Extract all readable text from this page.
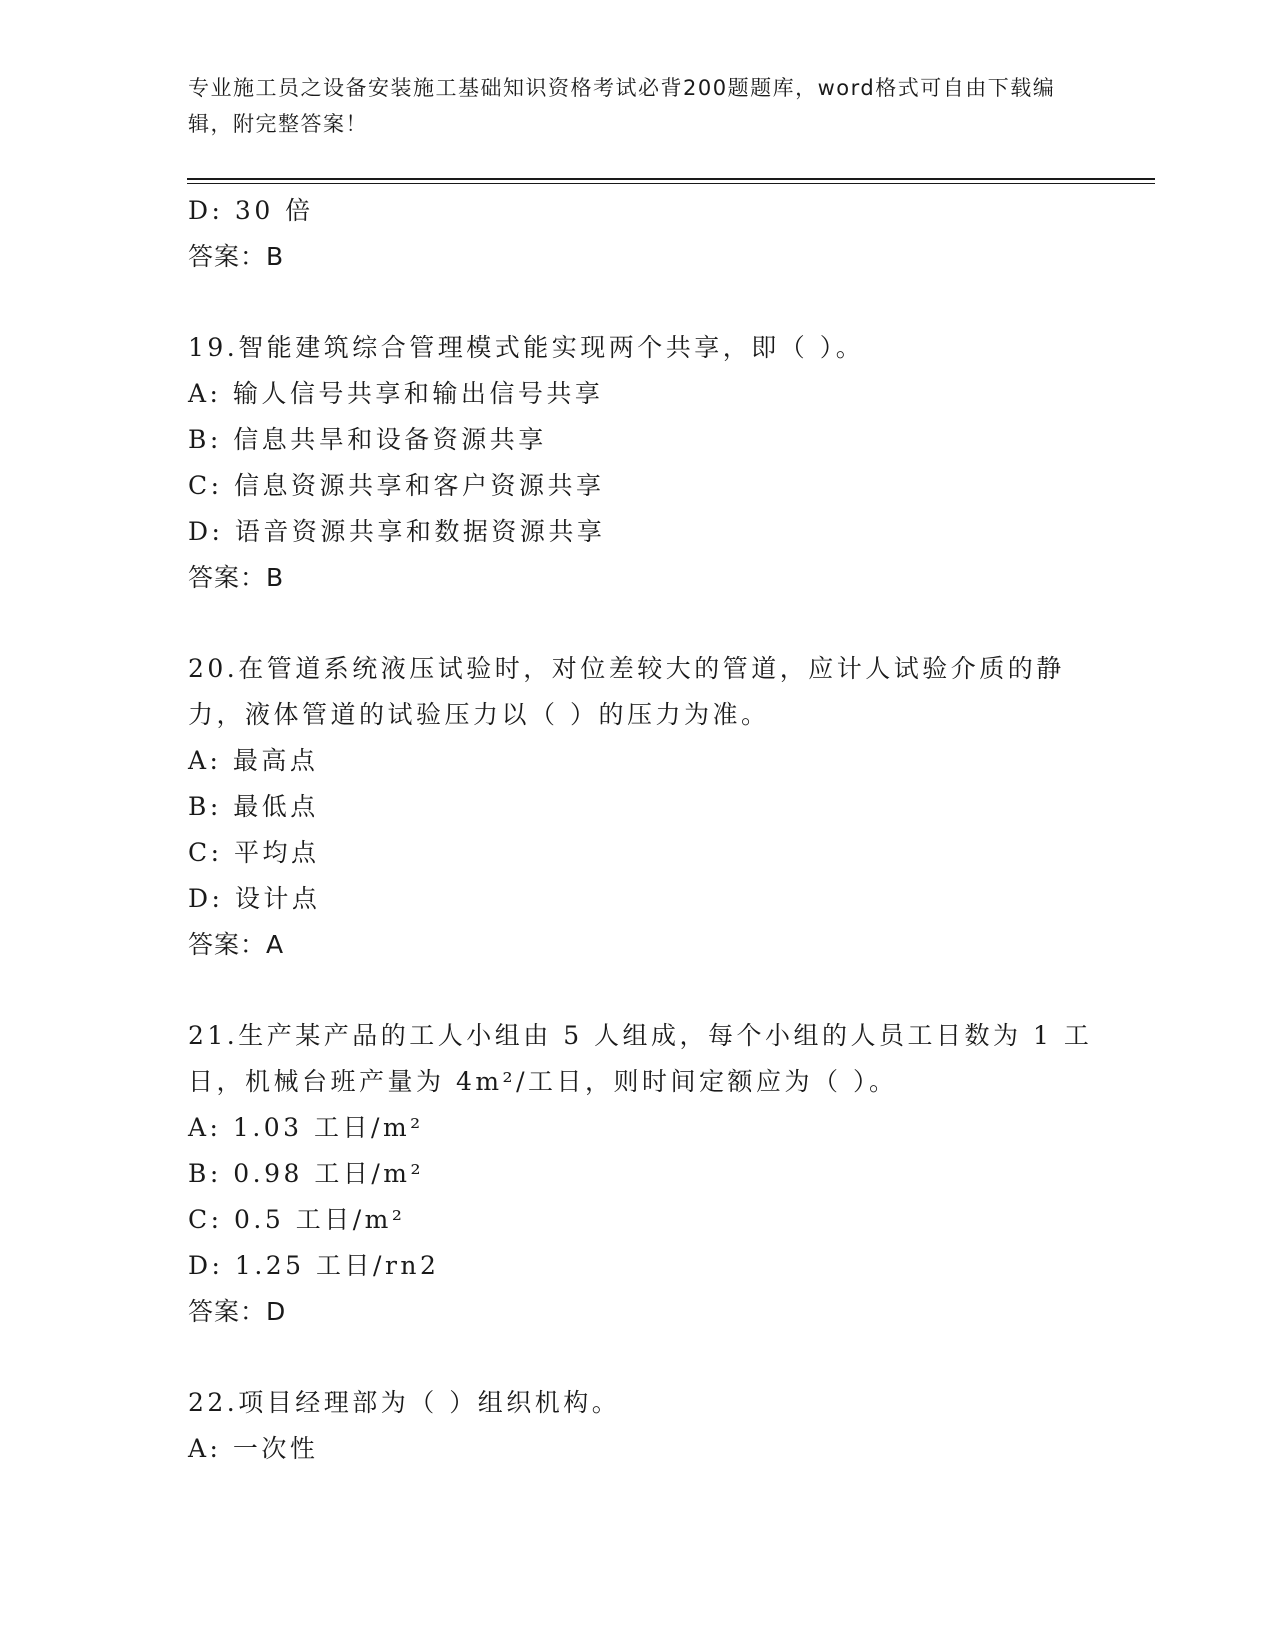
专业施工员之设备安装施工基础知识资格考试必背200题题库，word格式可自由下载编辑，附完整答案！
D: 30 倍
答案：B
19.智能建筑综合管理模式能实现两个共享，即（ ）。
A: 输人信号共享和输出信号共享
B: 信息共旱和设备资源共享
C: 信息资源共享和客户资源共享
D: 语音资源共享和数据资源共享
答案：B
20.在管道系统液压试验时，对位差较大的管道，应计人试验介质的静
力，液体管道的试验压力以（ ）的压力为准。
A: 最高点
B: 最低点
C: 平均点
D: 设计点
答案：A
21.生产某产品的工人小组由 5 人组成，每个小组的人员工日数为 1 工
日，机械台班产量为 4m²/工日，则时间定额应为（ ）。
A: 1.03 工日/m²
B: 0.98 工日/m²
C: 0.5 工日/m²
D: 1.25 工日/rn2
答案：D
22.项目经理部为（ ）组织机构。
A: 一次性
